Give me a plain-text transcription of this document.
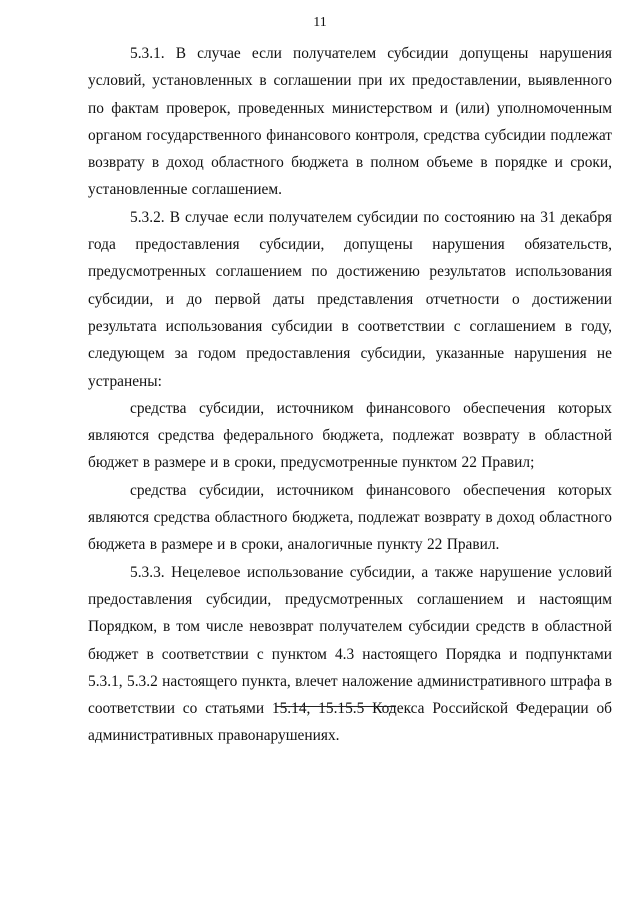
11

5.3.1. В случае если получателем субсидии допущены нарушения условий, установленных в соглашении при их предоставлении, выявленного по фактам проверок, проведенных министерством и (или) уполномоченным органом государственного финансового контроля, средства субсидии подлежат возврату в доход областного бюджета в полном объеме в порядке и сроки, установленные соглашением.

5.3.2. В случае если получателем субсидии по состоянию на 31 декабря года предоставления субсидии, допущены нарушения обязательств, предусмотренных соглашением по достижению результатов использования субсидии, и до первой даты представления отчетности о достижении результата использования субсидии в соответствии с соглашением в году, следующем за годом предоставления субсидии, указанные нарушения не устранены:

средства субсидии, источником финансового обеспечения которых являются средства федерального бюджета, подлежат возврату в областной бюджет в размере и в сроки, предусмотренные пунктом 22 Правил;

средства субсидии, источником финансового обеспечения которых являются средства областного бюджета, подлежат возврату в доход областного бюджета в размере и в сроки, аналогичные пункту 22 Правил.

5.3.3. Нецелевое использование субсидии, а также нарушение условий предоставления субсидии, предусмотренных соглашением и настоящим Порядком, в том числе невозврат получателем субсидии средств в областной бюджет в соответствии с пунктом 4.3 настоящего Порядка и подпунктами 5.3.1, 5.3.2 настоящего пункта, влечет наложение административного штрафа в соответствии со статьями 15.14, 15.15.5 Кодекса Российской Федерации об административных правонарушениях.
